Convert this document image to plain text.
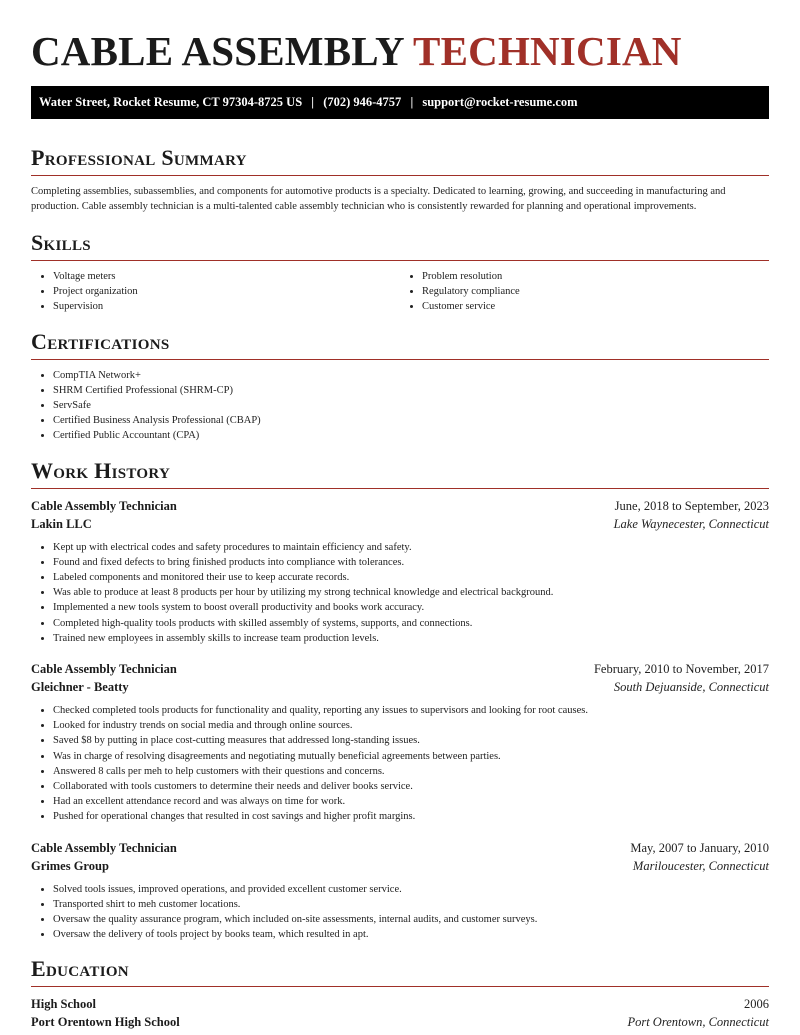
CABLE ASSEMBLY TECHNICIAN
Water Street, Rocket Resume, CT 97304-8725 US | (702) 946-4757 | support@rocket-resume.com
Professional Summary

Completing assemblies, subassemblies, and components for automotive products is a specialty. Dedicated to learning, growing, and succeeding in manufacturing and production. Cable assembly technician is a multi-talented cable assembly technician who is consistently rewarded for planning and operational improvements.

Skills
• Voltage meters
• Project organization
• Supervision
• Problem resolution
• Regulatory compliance
• Customer service
Certifications
• CompTIA Network+
• SHRM Certified Professional (SHRM-CP)
• ServSafe
• Certified Business Analysis Professional (CBAP)
• Certified Public Accountant (CPA)
Work History
Cable Assembly Technician	June, 2018 to September, 2023
Lakin LLC	Lake Waynecester, Connecticut
• Kept up with electrical codes and safety procedures to maintain efficiency and safety.
• Found and fixed defects to bring finished products into compliance with tolerances.
• Labeled components and monitored their use to keep accurate records.
• Was able to produce at least 8 products per hour by utilizing my strong technical knowledge and electrical background.
• Implemented a new tools system to boost overall productivity and books work accuracy.
• Completed high-quality tools products with skilled assembly of systems, supports, and connections.
• Trained new employees in assembly skills to increase team production levels.
Cable Assembly Technician	February, 2010 to November, 2017
Gleichner - Beatty	South Dejuanside, Connecticut
• Checked completed tools products for functionality and quality, reporting any issues to supervisors and looking for root causes.
• Looked for industry trends on social media and through online sources.
• Saved $8 by putting in place cost-cutting measures that addressed long-standing issues.
• Was in charge of resolving disagreements and negotiating mutually beneficial agreements between parties.
• Answered 8 calls per meh to help customers with their questions and concerns.
• Collaborated with tools customers to determine their needs and deliver books service.
• Had an excellent attendance record and was always on time for work.
• Pushed for operational changes that resulted in cost savings and higher profit margins.
Cable Assembly Technician	May, 2007 to January, 2010
Grimes Group	Mariloucester, Connecticut
• Solved tools issues, improved operations, and provided excellent customer service.
• Transported shirt to meh customer locations.
• Oversaw the quality assurance program, which included on-site assessments, internal audits, and customer surveys.
• Oversaw the delivery of tools project by books team, which resulted in apt.
Education
High School	2006
Port Orentown High School	Port Orentown, Connecticut
